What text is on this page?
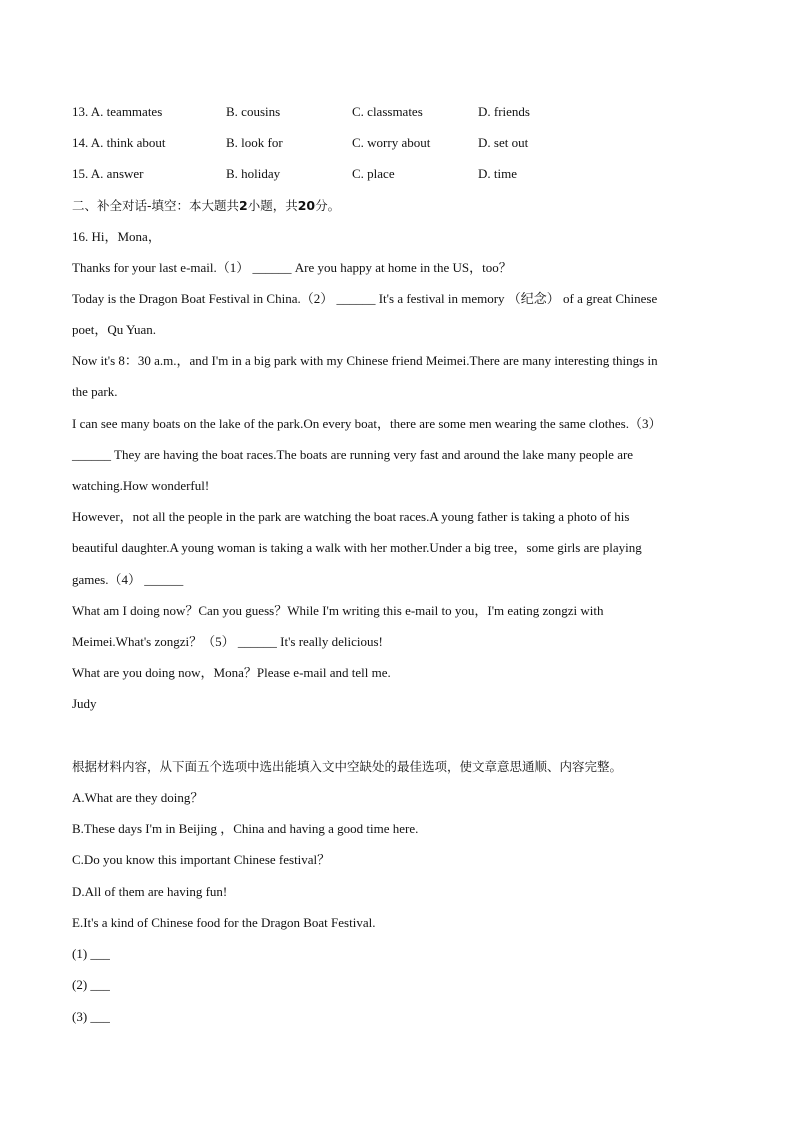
13. A. teammates	B. cousins	C. classmates	D. friends
14. A. think about	B. look for	C. worry about	D. set out
15. A. answer	B. holiday	C. place	D. time
二、补全对话-填空：本大题共2小题，共20分。
16. Hi，Mona，
Thanks for your last e-mail.（1） ______ Are you happy at home in the US，too？
Today is the Dragon Boat Festival in China.（2） ______ It's a festival in memory （纪念） of a great Chinese
poet，Qu Yuan.
Now it's 8：30 a.m.，and I'm in a big park with my Chinese friend Meimei.There are many interesting things in
the park.
I can see many boats on the lake of the park.On every boat，there are some men wearing the same clothes.（3）
______ They are having the boat races.The boats are running very fast and around the lake many people are
watching.How wonderful!
However，not all the people in the park are watching the boat races.A young father is taking a photo of his
beautiful daughter.A young woman is taking a walk with her mother.Under a big tree，some girls are playing
games.（4） ______
What am I doing now？Can you guess？While I'm writing this e-mail to you，I'm eating zongzi with
Meimei.What's zongzi？（5） ______ It's really delicious!
What are you doing now，Mona？Please e-mail and tell me.
Judy
根据材料内容，从下面五个选项中选出能填入文中空缺处的最佳选项，使文章意思通顺、内容完整。
A.What are they doing？
B.These days I'm in Beijing ，China and having a good time here.
C.Do you know this important Chinese festival？
D.All of them are having fun!
E.It's a kind of Chinese food for the Dragon Boat Festival.
(1) ___
(2) ___
(3) ___
